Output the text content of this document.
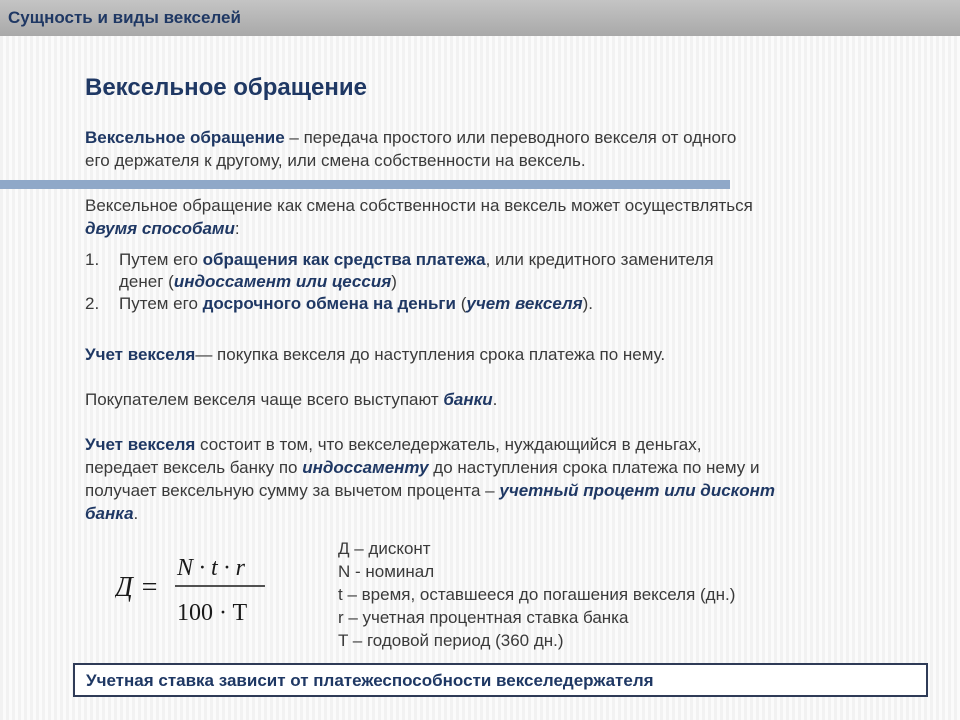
Сущность и виды векселей
Вексельное обращение
Вексельное обращение – передача простого или переводного векселя от одного
его держателя к другому, или смена собственности на вексель.
Вексельное обращение как смена собственности на вексель может осуществляться
двумя способами:
1. Путем его обращения как средства платежа, или кредитного заменителя
денег (индоссамент или цессия)
2. Путем его досрочного обмена на деньги (учет векселя).
Учет векселя— покупка векселя до наступления срока платежа по нему.
Покупателем векселя чаще всего выступают банки.
Учет векселя состоит в том, что векселедержатель, нуждающийся в деньгах,
передает вексель банку по индоссаменту до наступления срока платежа по нему и
получает вексельную сумму за вычетом процента – учетный процент или дисконт
банка.
Д =
N · t · r
100 · T
Д – дисконт
N - номинал
t – время, оставшееся до погашения векселя (дн.)
r – учетная процентная ставка банка
T – годовой период (360 дн.)
Учетная ставка зависит от платежеспособности векселедержателя
